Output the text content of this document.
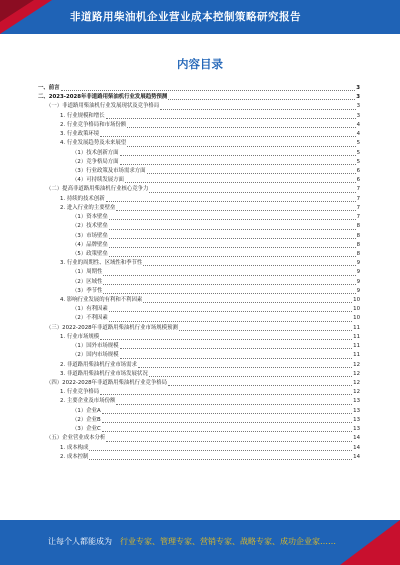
非道路用柴油机企业营业成本控制策略研究报告
内容目录
一、前言	3
二、2023-2028年非道路用柴油机行业发展趋势预测	3
（一）非道路用柴油机行业发展现状及竞争格局	3
1. 行业规模和增长	3
2. 行业竞争格局和市场份额	4
3. 行业政策环境	4
4. 行业发展趋势及未来展望	5
（1）技术创新方面	5
（2）竞争格局方面	5
（3）行业政策及市场需求方面	6
（4）可持续发展方面	6
（二）提高非道路用柴油机行业核心竞争力	7
1. 持续的技术创新	7
2. 进入行业的主要壁垒	7
（1）资本壁垒	7
（2）技术壁垒	8
（3）市场壁垒	8
（4）品牌壁垒	8
（5）政策壁垒	8
3. 行业的周期性、区域性和季节性	9
（1）周期性	9
（2）区域性	9
（3）季节性	9
4. 影响行业发展的有利和不利因素	10
（1）有利因素	10
（2）不利因素	10
（三）2022-2028年非道路用柴油机行业市场规模预测	11
1. 行业市场规模	11
（1）国外市场规模	11
（2）国内市场规模	11
2. 非道路用柴油机行业市场需求	12
3. 非道路用柴油机行业市场发展状况	12
（四）2022-2028年非道路用柴油机行业竞争格局	12
1. 行业竞争格局	12
2. 主要企业及市场份额	13
（1）企业A	13
（2）企业B	13
（3）企业C	13
（五）企业营业成本分析	14
1. 成本构成	14
2. 成本控制	14
让每个人都能成为 行业专家、管理专家、营销专家、战略专家、成功企业家……
